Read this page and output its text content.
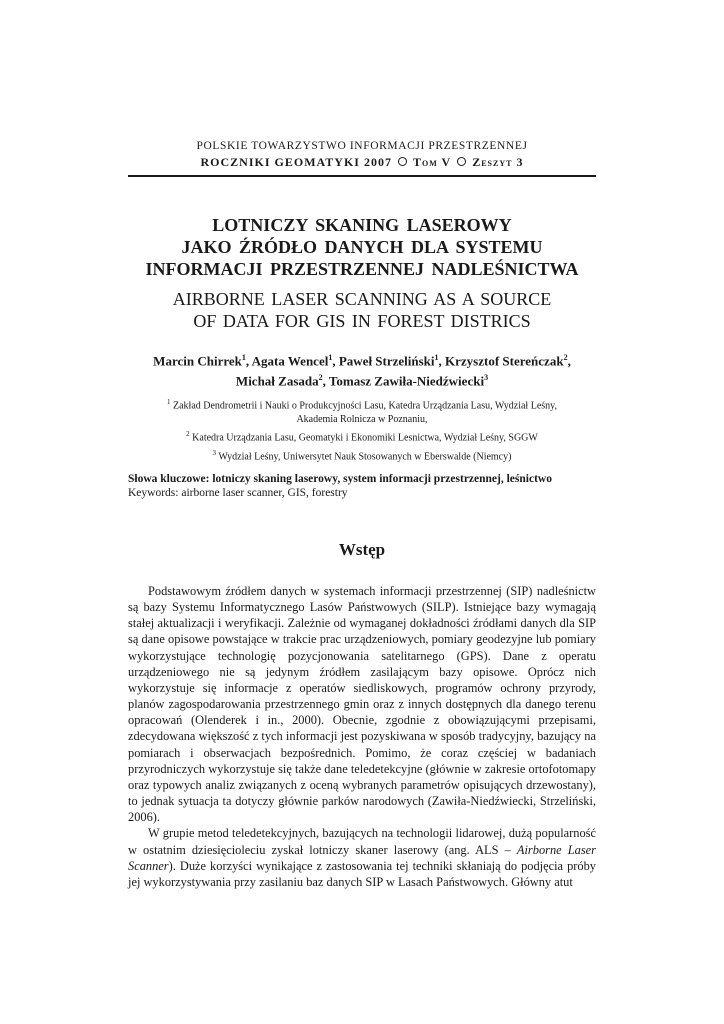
POLSKIE TOWARZYSTWO INFORMACJI PRZESTRZENNEJ
ROCZNIKI GEOMATYKI 2007 Tom V Zeszyt 3
LOTNICZY SKANING LASEROWY
JAKO ŹRÓDŁO DANYCH DLA SYSTEMU
INFORMACJI PRZESTRZENNEJ NADLEŚNICTWA
AIRBORNE LASER SCANNING AS A SOURCE
OF DATA FOR GIS IN FOREST DISTRICS
Marcin Chirrek$^1$, Agata Wencel$^1$, Paweł Strzeliński$^1$, Krzysztof Stereńczak$^2$,
Michał Zasada$^2$, Tomasz Zawiła-Niedźwiecki$^3$
$^1$ Zakład Dendrometrii i Nauki o Produkcyjności Lasu, Katedra Urządzania Lasu, Wydział Leśny,
Akademia Rolnicza w Poznaniu,
$^2$ Katedra Urządzania Lasu, Geomatyki i Ekonomiki Lesnictwa, Wydział Leśny, SGGW
$^3$ Wydział Leśny, Uniwersytet Nauk Stosowanych w Eberswalde (Niemcy)
Słowa kluczowe: lotniczy skaning laserowy, system informacji przestrzennej, leśnictwo
Keywords: airborne laser scanner, GIS, forestry
Wstęp

Podstawowym źródłem danych w systemach informacji przestrzennej (SIP) nadleśnictw są bazy Systemu Informatycznego Lasów Państwowych (SILP). Istniejące bazy wymagają stałej aktualizacji i weryfikacji. Zależnie od wymaganej dokładności źródłami danych dla SIP są dane opisowe powstające w trakcie prac urządzeniowych, pomiary geodezyjne lub pomiary wykorzystujące technologię pozycjonowania satelitarnego (GPS). Dane z operatu urządzeniowego nie są jedynym źródłem zasilającym bazy opisowe. Oprócz nich wykorzystuje się informacje z operatów siedliskowych, programów ochrony przyrody, planów zagospodarowania przestrzennego gmin oraz z innych dostępnych dla danego terenu opracowań (Olenderek i in., 2000). Obecnie, zgodnie z obowiązującymi przepisami, zdecydowana większość z tych informacji jest pozyskiwana w sposób tradycyjny, bazujący na pomiarach i obserwacjach bezpośrednich. Pomimo, że coraz częściej w badaniach przyrodniczych wykorzystuje się także dane teledetekcyjne (głównie w zakresie ortofotomapy oraz typowych analiz związanych z oceną wybranych parametrów opisujących drzewostany), to jednak sytuacja ta dotyczy głównie parków narodowych (Zawiła-Niedźwiecki, Strzeliński, 2006).

W grupie metod teledetekcyjnych, bazujących na technologii lidarowej, dużą popularność w ostatnim dziesięcioleciu zyskał lotniczy skaner laserowy (ang. ALS – Airborne Laser Scanner). Duże korzyści wynikające z zastosowania tej techniki skłaniają do podjęcia próby jej wykorzystywania przy zasilaniu baz danych SIP w Lasach Państwowych. Główny atut
